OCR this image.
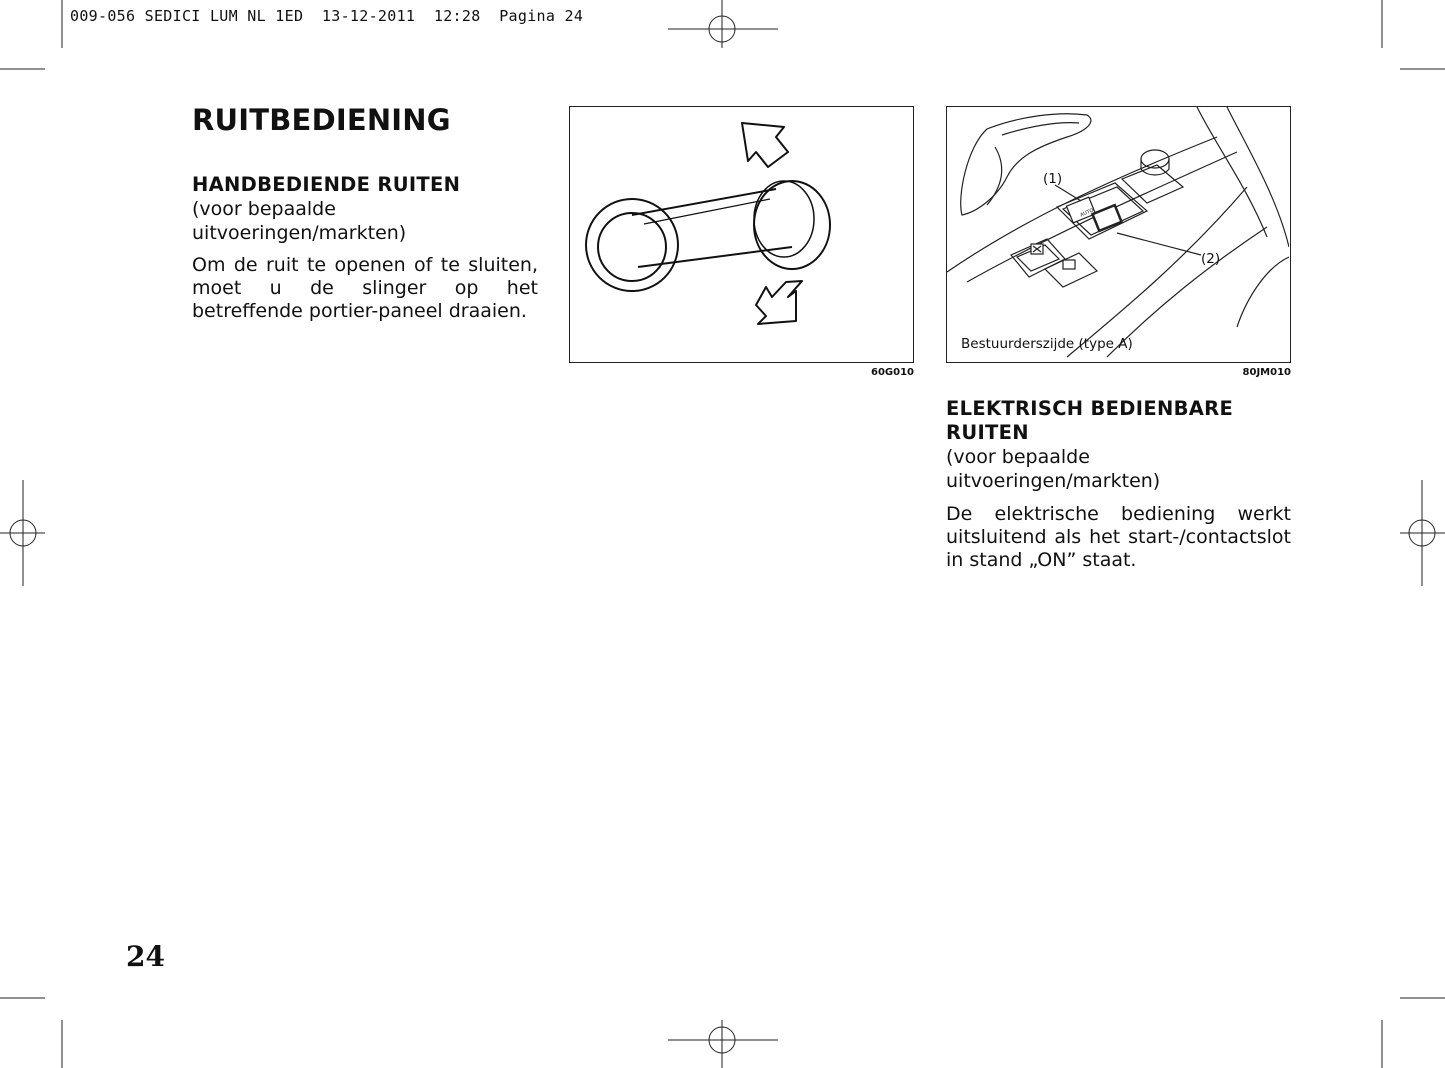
009-056 SEDICI LUM NL 1ED  13-12-2011  12:28  Pagina 24
RUITBEDIENING
HANDBEDIENDE RUITEN
(voor bepaalde uitvoeringen/markten)
Om de ruit te openen of te sluiten, moet u de slinger op het betreffende portier-paneel draaien.
60G010
(1)
(2)
AUTO
Bestuurderszijde (type A)
80JM010
ELEKTRISCH BEDIENBARE
RUITEN
(voor bepaalde uitvoeringen/markten)
De elektrische bediening werkt uitsluitend als het start-/contactslot in stand „ON” staat.
24
